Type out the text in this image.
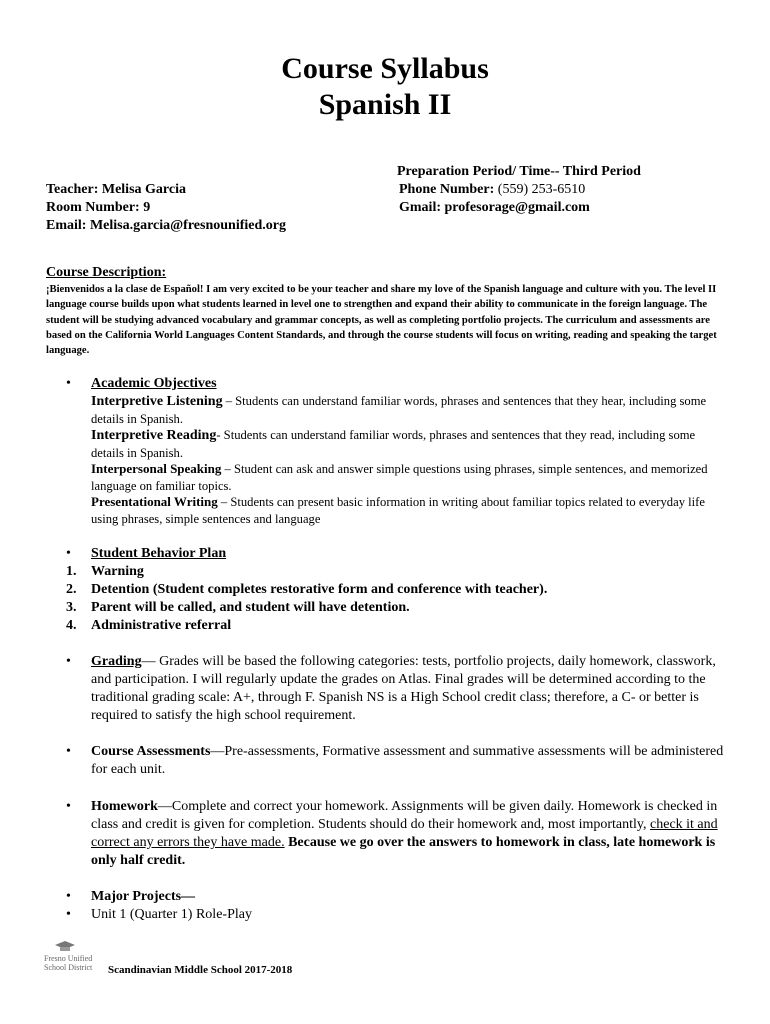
Course Syllabus
Spanish II
Preparation Period/ Time-- Third Period
Teacher: Melisa Garcia	Phone Number: (559) 253-6510
Room Number: 9	Gmail: profesorage@gmail.com
Email: Melisa.garcia@fresnounified.org
Course Description:
¡Bienvenidos a la clase de Español! I am very excited to be your teacher and share my love of the Spanish language and culture with you. The level II language course builds upon what students learned in level one to strengthen and expand their ability to communicate in the foreign language. The student will be studying advanced vocabulary and grammar concepts, as well as completing portfolio projects. The curriculum and assessments are based on the California World Languages Content Standards, and through the course students will focus on writing, reading and speaking the target language.
• Academic Objectives
Interpretive Listening – Students can understand familiar words, phrases and sentences that they hear, including some details in Spanish.
Interpretive Reading- Students can understand familiar words, phrases and sentences that they read, including some details in Spanish.
Interpersonal Speaking – Student can ask and answer simple questions using phrases, simple sentences, and memorized language on familiar topics.
Presentational Writing – Students can present basic information in writing about familiar topics related to everyday life using phrases, simple sentences and language
• Student Behavior Plan
1. Warning
2. Detention (Student completes restorative form and conference with teacher).
3. Parent will be called, and student will have detention.
4. Administrative referral
• Grading— Grades will be based the following categories: tests, portfolio projects, daily homework, classwork, and participation. I will regularly update the grades on Atlas. Final grades will be determined according to the traditional grading scale: A+, through F. Spanish NS is a High School credit class; therefore, a C- or better is required to satisfy the high school requirement.
• Course Assessments—Pre-assessments, Formative assessment and summative assessments will be administered for each unit.
• Homework—Complete and correct your homework. Assignments will be given daily. Homework is checked in class and credit is given for completion. Students should do their homework and, most importantly, check it and correct any errors they have made. Because we go over the answers to homework in class, late homework is only half credit.
• Major Projects—
• Unit 1 (Quarter 1) Role-Play
Fresno Unified
School District	Scandinavian Middle School 2017-2018
